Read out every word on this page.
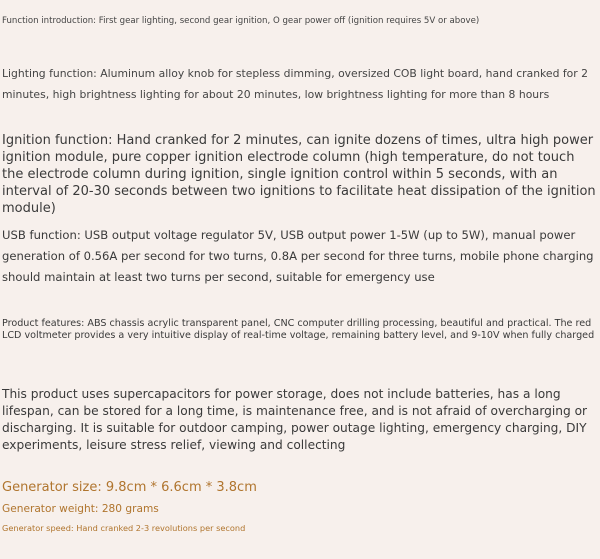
Function introduction: First gear lighting, second gear ignition, O gear power off (ignition requires 5V or above)

Lighting function: Aluminum alloy knob for stepless dimming, oversized COB light board, hand cranked for 2 minutes, high brightness lighting for about 20 minutes, low brightness lighting for more than 8 hours

Ignition function: Hand cranked for 2 minutes, can ignite dozens of times, ultra high power ignition module, pure copper ignition electrode column (high temperature, do not touch the electrode column during ignition, single ignition control within 5 seconds, with an interval of 20-30 seconds between two ignitions to facilitate heat dissipation of the ignition module)

USB function: USB output voltage regulator 5V, USB output power 1-5W (up to 5W), manual power generation of 0.56A per second for two turns, 0.8A per second for three turns, mobile phone charging should maintain at least two turns per second, suitable for emergency use

Product features: ABS chassis acrylic transparent panel, CNC computer drilling processing, beautiful and practical. The red LCD voltmeter provides a very intuitive display of real-time voltage, remaining battery level, and 9-10V when fully charged

This product uses supercapacitors for power storage, does not include batteries, has a long lifespan, can be stored for a long time, is maintenance free, and is not afraid of overcharging or discharging. It is suitable for outdoor camping, power outage lighting, emergency charging, DIY experiments, leisure stress relief, viewing and collecting

Generator size: 9.8cm * 6.6cm * 3.8cm

Generator weight: 280 grams

Generator speed: Hand cranked 2-3 revolutions per second
